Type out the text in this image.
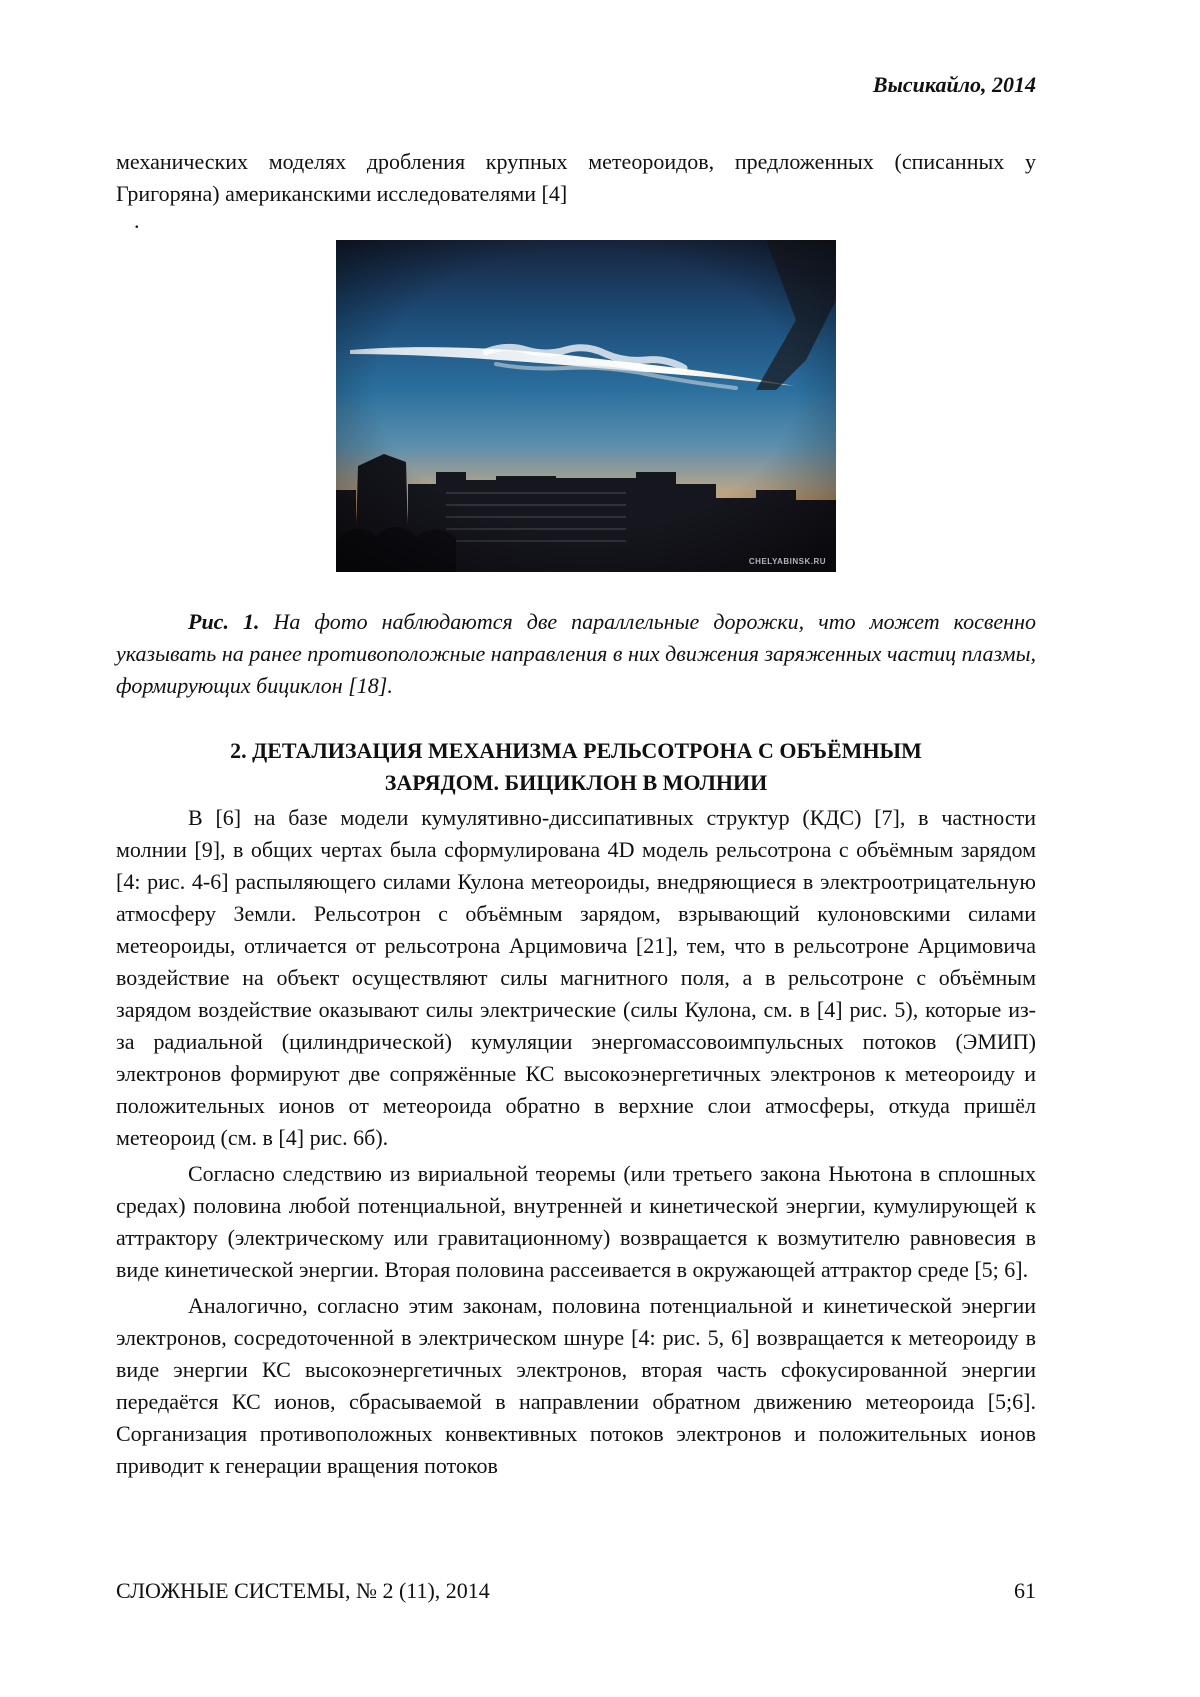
Высикайло, 2014

механических моделях дробления крупных метеороидов, предложенных (списанных у Григоряна) американскими исследователями [4]

.
CHELYABINSK.RU

Рис. 1. На фото наблюдаются две параллельные дорожки, что может косвенно указывать на ранее противоположные направления в них движения заряженных частиц плазмы, формирующих бициклон [18].

2. ДЕТАЛИЗАЦИЯ МЕХАНИЗМА РЕЛЬСОТРОНА С ОБЪЁМНЫМ
ЗАРЯДОМ. БИЦИКЛОН В МОЛНИИ

В [6] на базе модели кумулятивно-диссипативных структур (КДС) [7], в частности молнии [9], в общих чертах была сформулирована 4D модель рельсотрона с объёмным зарядом [4: рис. 4-6] распыляющего силами Кулона метеороиды, внедряющиеся в электроотрицательную атмосферу Земли. Рельсотрон с объёмным зарядом, взрывающий кулоновскими силами метеороиды, отличается от рельсотрона Арцимовича [21], тем, что в рельсотроне Арцимовича воздействие на объект осуществляют силы магнитного поля, а в рельсотроне с объёмным зарядом воздействие оказывают силы электрические (силы Кулона, см. в [4] рис. 5), которые из-за радиальной (цилиндрической) кумуляции энергомассовоимпульсных потоков (ЭМИП) электронов формируют две сопряжённые КС высокоэнергетичных электронов к метеороиду и положительных ионов от метеороида обратно в верхние слои атмосферы, откуда пришёл метеороид (см. в [4] рис. 6б).

Согласно следствию из вириальной теоремы (или третьего закона Ньютона в сплошных средах) половина любой потенциальной, внутренней и кинетической энергии, кумулирующей к аттрактору (электрическому или гравитационному) возвращается к возмутителю равновесия в виде кинетической энергии. Вторая половина рассеивается в окружающей аттрактор среде [5; 6].

Аналогично, согласно этим законам, половина потенциальной и кинетической энергии электронов, сосредоточенной в электрическом шнуре [4: рис. 5, 6] возвращается к метеороиду в виде энергии КС высокоэнергетичных электронов, вторая часть сфокусированной энергии передаётся КС ионов, сбрасываемой в направлении обратном движению метеороида [5;6]. Сорганизация противоположных конвективных потоков электронов и положительных ионов приводит к генерации вращения потоков

СЛОЖНЫЕ СИСТЕМЫ, № 2 (11), 2014	61
